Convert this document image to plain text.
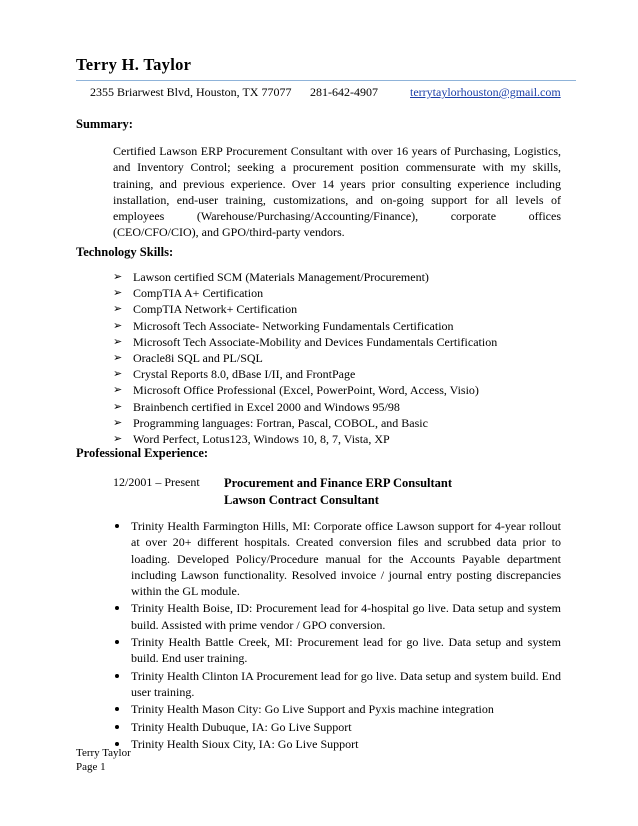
Terry H. Taylor
2355 Briarwest Blvd, Houston, TX 77077 281-642-4907	terrytaylorhouston@gmail.com
Summary:
Certified Lawson ERP Procurement Consultant with over 16 years of Purchasing, Logistics, and Inventory Control; seeking a procurement position commensurate with my skills, training, and previous experience. Over 14 years prior consulting experience including installation, end-user training, customizations, and on-going support for all levels of employees (Warehouse/Purchasing/Accounting/Finance), corporate offices (CEO/CFO/CIO), and GPO/third-party vendors.
Technology Skills:
➢ Lawson certified SCM (Materials Management/Procurement)
➢ CompTIA A+ Certification
➢ CompTIA Network+ Certification
➢ Microsoft Tech Associate- Networking Fundamentals Certification
➢ Microsoft Tech Associate-Mobility and Devices Fundamentals Certification
➢ Oracle8i SQL and PL/SQL
➢ Crystal Reports 8.0, dBase I/II, and FrontPage
➢ Microsoft Office Professional (Excel, PowerPoint, Word, Access, Visio)
➢ Brainbench certified in Excel 2000 and Windows 95/98
➢ Programming languages: Fortran, Pascal, COBOL, and Basic
➢ Word Perfect, Lotus123, Windows 10, 8, 7, Vista, XP
Professional Experience:
12/2001 – Present Procurement and Finance ERP Consultant
Lawson Contract Consultant
Trinity Health Farmington Hills, MI: Corporate office Lawson support for 4-year rollout at over 20+ different hospitals. Created conversion files and scrubbed data prior to loading. Developed Policy/Procedure manual for the Accounts Payable department including Lawson functionality. Resolved invoice / journal entry posting discrepancies within the GL module.
Trinity Health Boise, ID: Procurement lead for 4-hospital go live. Data setup and system build. Assisted with prime vendor / GPO conversion.
Trinity Health Battle Creek, MI: Procurement lead for go live. Data setup and system build. End user training.
Trinity Health Clinton IA Procurement lead for go live. Data setup and system build. End user training.
Trinity Health Mason City: Go Live Support and Pyxis machine integration
Trinity Health Dubuque, IA: Go Live Support
Trinity Health Sioux City, IA: Go Live Support
Terry Taylor
Page 1
